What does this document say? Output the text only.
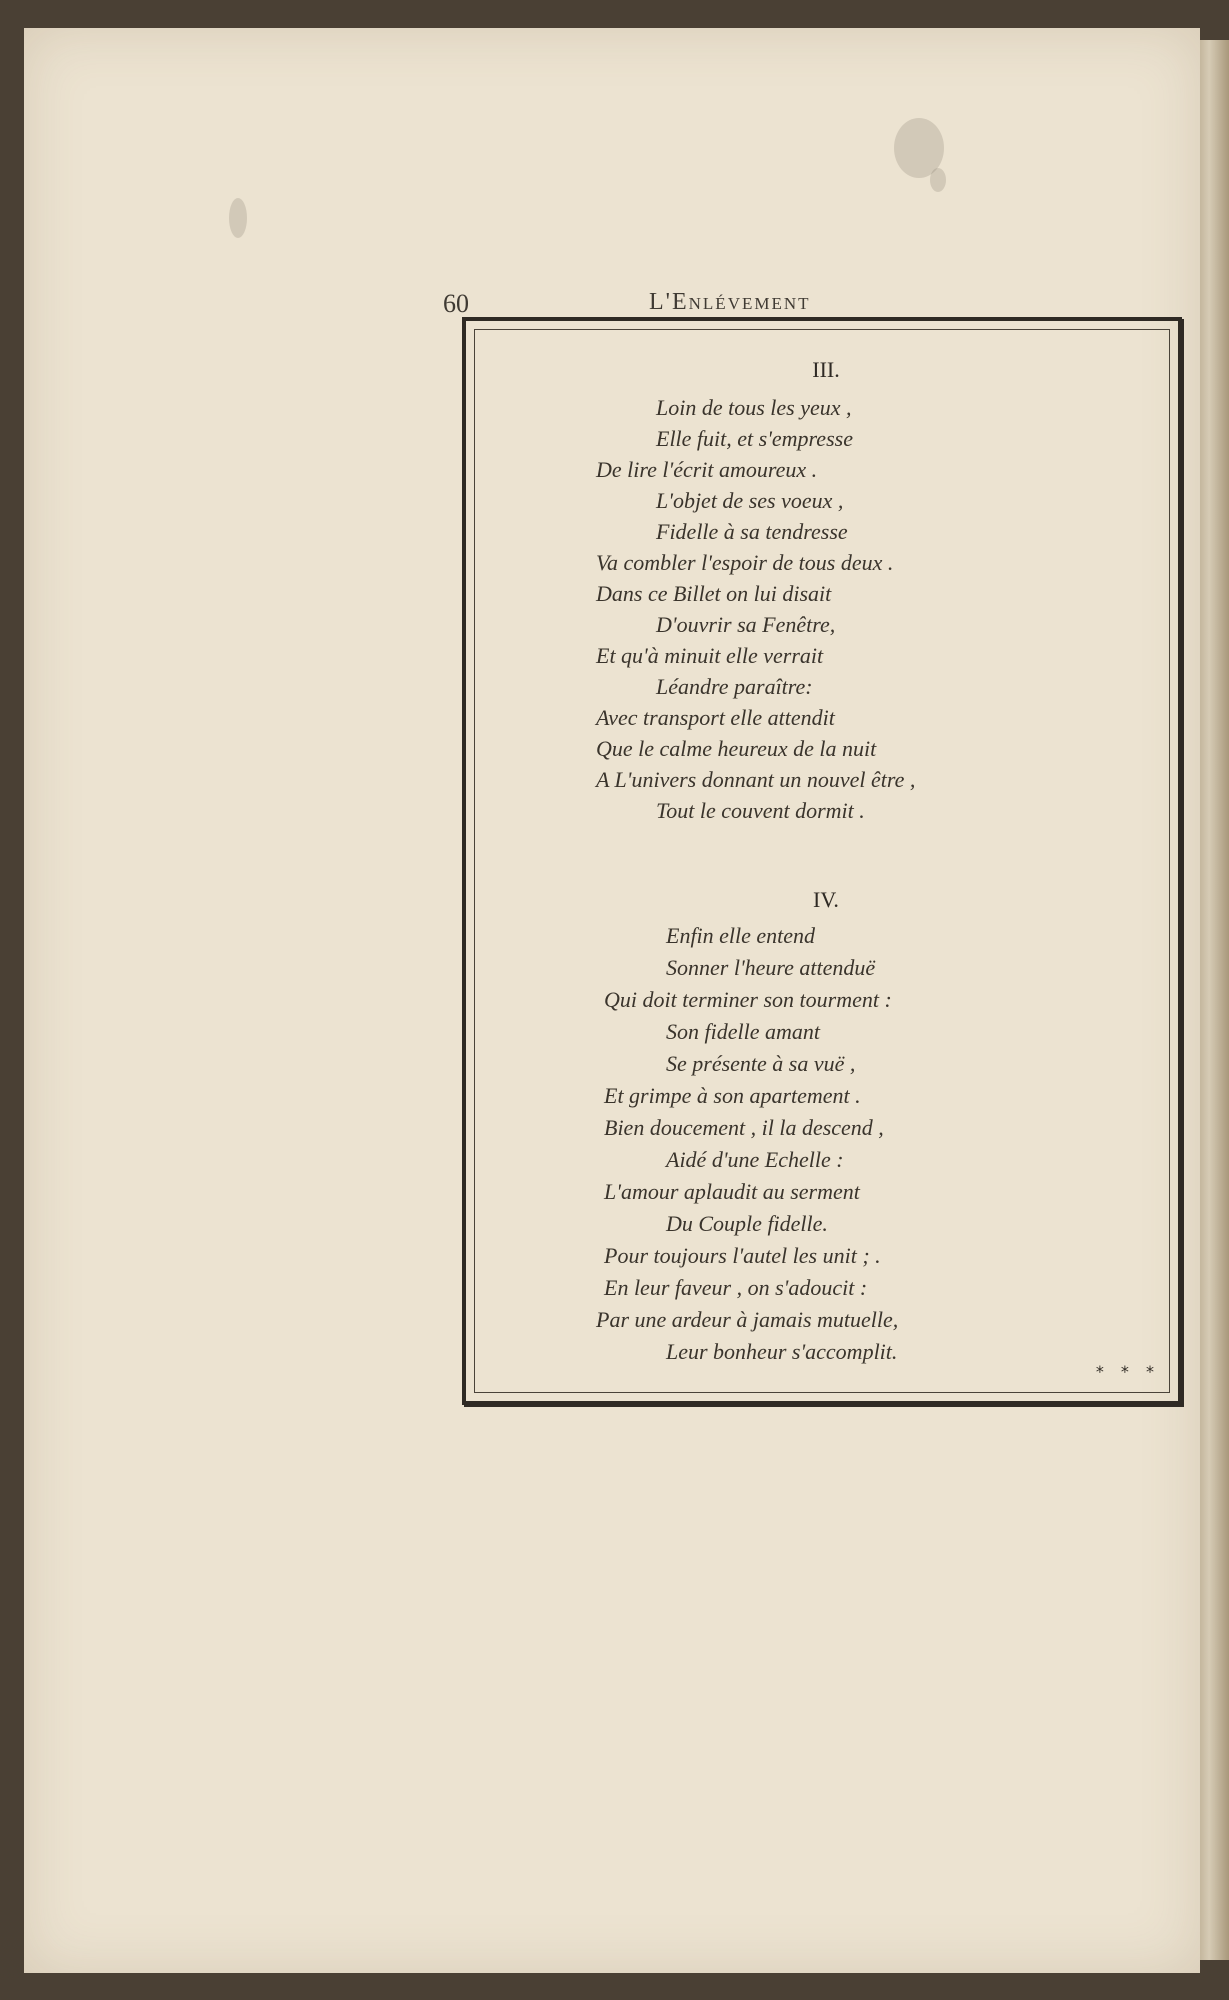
60	L'Enlévement
III.
Loin de tous les yeux ,
Elle fuit, et s'empresse
De lire l'écrit amoureux .
L'objet de ses voeux ,
Fidelle à sa tendresse
Va combler l'espoir de tous deux .
Dans ce Billet on lui disait
D'ouvrir sa Fenêtre,
Et qu'à minuit elle verrait
Léandre paraître:
Avec transport elle attendit
Que le calme heureux de la nuit
A L'univers donnant un nouvel être ,
Tout le couvent dormit .
IV.
Enfin elle entend
Sonner l'heure attenduë
Qui doit terminer son tourment :
Son fidelle amant
Se présente à sa vuë ,
Et grimpe à son apartement .
Bien doucement , il la descend ,
Aidé d'une Echelle :
L'amour aplaudit au serment
Du Couple fidelle.
Pour toujours l'autel les unit ; .
En leur faveur , on s'adoucit :
Par une ardeur à jamais mutuelle,
Leur bonheur s'accomplit.
* * *
